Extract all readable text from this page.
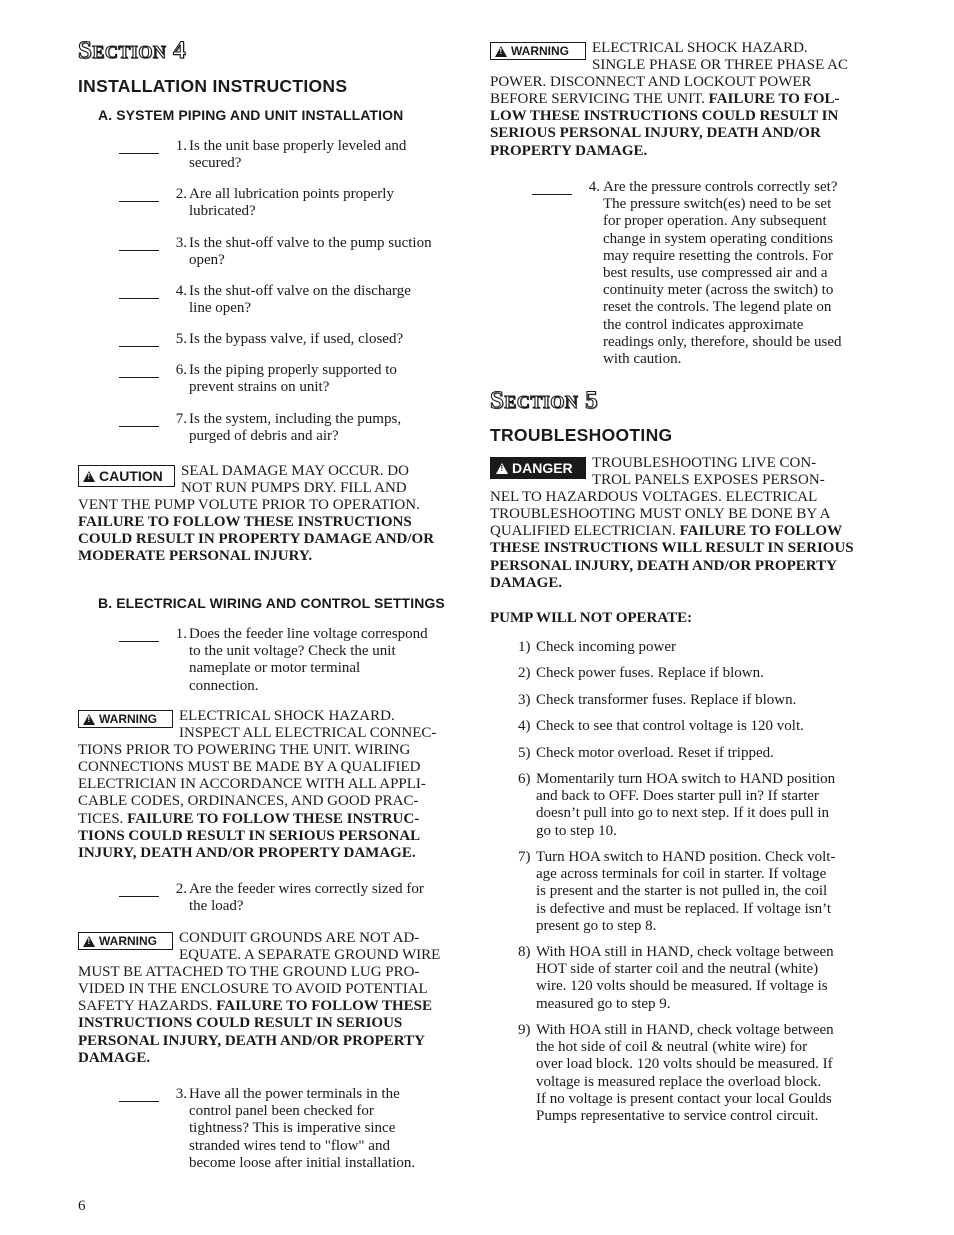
Section 4
INSTALLATION INSTRUCTIONS
A. SYSTEM PIPING AND UNIT INSTALLATION
1. Is the unit base properly leveled and
secured?
2. Are all lubrication points properly
lubricated?
3. Is the shut-off valve to the pump suction
open?
4. Is the shut-off valve on the discharge
line open?
5. Is the bypass valve, if used, closed?
6. Is the piping properly supported to
prevent strains on unit?
7. Is the system, including the pumps,
purged of debris and air?
! CAUTION SEAL DAMAGE MAY OCCUR. DO
NOT RUN PUMPS DRY. FILL AND
VENT THE PUMP VOLUTE PRIOR TO OPERATION.
FAILURE TO FOLLOW THESE INSTRUCTIONS
COULD RESULT IN PROPERTY DAMAGE AND/OR
MODERATE PERSONAL INJURY.
B. ELECTRICAL WIRING AND CONTROL SETTINGS
1. Does the feeder line voltage correspond
to the unit voltage? Check the unit
nameplate or motor terminal
connection.
! WARNING ELECTRICAL SHOCK HAZARD.
INSPECT ALL ELECTRICAL CONNEC-
TIONS PRIOR TO POWERING THE UNIT. WIRING
CONNECTIONS MUST BE MADE BY A QUALIFIED
ELECTRICIAN IN ACCORDANCE WITH ALL APPLI-
CABLE CODES, ORDINANCES, AND GOOD PRAC-
TICES. FAILURE TO FOLLOW THESE INSTRUC-
TIONS COULD RESULT IN SERIOUS PERSONAL
INJURY, DEATH AND/OR PROPERTY DAMAGE.
2. Are the feeder wires correctly sized for
the load?
! WARNING CONDUIT GROUNDS ARE NOT AD-
EQUATE. A SEPARATE GROUND WIRE
MUST BE ATTACHED TO THE GROUND LUG PRO-
VIDED IN THE ENCLOSURE TO AVOID POTENTIAL
SAFETY HAZARDS. FAILURE TO FOLLOW THESE
INSTRUCTIONS COULD RESULT IN SERIOUS
PERSONAL INJURY, DEATH AND/OR PROPERTY
DAMAGE.
3. Have all the power terminals in the
control panel been checked for
tightness? This is imperative since
stranded wires tend to "flow" and
become loose after initial installation.
! WARNING ELECTRICAL SHOCK HAZARD.
SINGLE PHASE OR THREE PHASE AC
POWER. DISCONNECT AND LOCKOUT POWER
BEFORE SERVICING THE UNIT. FAILURE TO FOL-
LOW THESE INSTRUCTIONS COULD RESULT IN
SERIOUS PERSONAL INJURY, DEATH AND/OR
PROPERTY DAMAGE.
4. Are the pressure controls correctly set?
The pressure switch(es) need to be set
for proper operation. Any subsequent
change in system operating conditions
may require resetting the controls. For
best results, use compressed air and a
continuity meter (across the switch) to
reset the controls. The legend plate on
the control indicates approximate
readings only, therefore, should be used
with caution.
Section 5
TROUBLESHOOTING
! DANGER TROUBLESHOOTING LIVE CON-
TROL PANELS EXPOSES PERSON-
NEL TO HAZARDOUS VOLTAGES. ELECTRICAL
TROUBLESHOOTING MUST ONLY BE DONE BY A
QUALIFIED ELECTRICIAN. FAILURE TO FOLLOW
THESE INSTRUCTIONS WILL RESULT IN SERIOUS
PERSONAL INJURY, DEATH AND/OR PROPERTY
DAMAGE.
PUMP WILL NOT OPERATE:
1) Check incoming power
2) Check power fuses. Replace if blown.
3) Check transformer fuses. Replace if blown.
4) Check to see that control voltage is 120 volt.
5) Check motor overload. Reset if tripped.
6) Momentarily turn HOA switch to HAND position
and back to OFF. Does starter pull in? If starter
doesn’t pull into go to next step. If it does pull in
go to step 10.
7) Turn HOA switch to HAND position. Check volt-
age across terminals for coil in starter. If voltage
is present and the starter is not pulled in, the coil
is defective and must be replaced. If voltage isn’t
present go to step 8.
8) With HOA still in HAND, check voltage between
HOT side of starter coil and the neutral (white)
wire. 120 volts should be measured. If voltage is
measured go to step 9.
9) With HOA still in HAND, check voltage between
the hot side of coil & neutral (white wire) for
over load block. 120 volts should be measured. If
voltage is measured replace the overload block.
If no voltage is present contact your local Goulds
Pumps representative to service control circuit.
6
